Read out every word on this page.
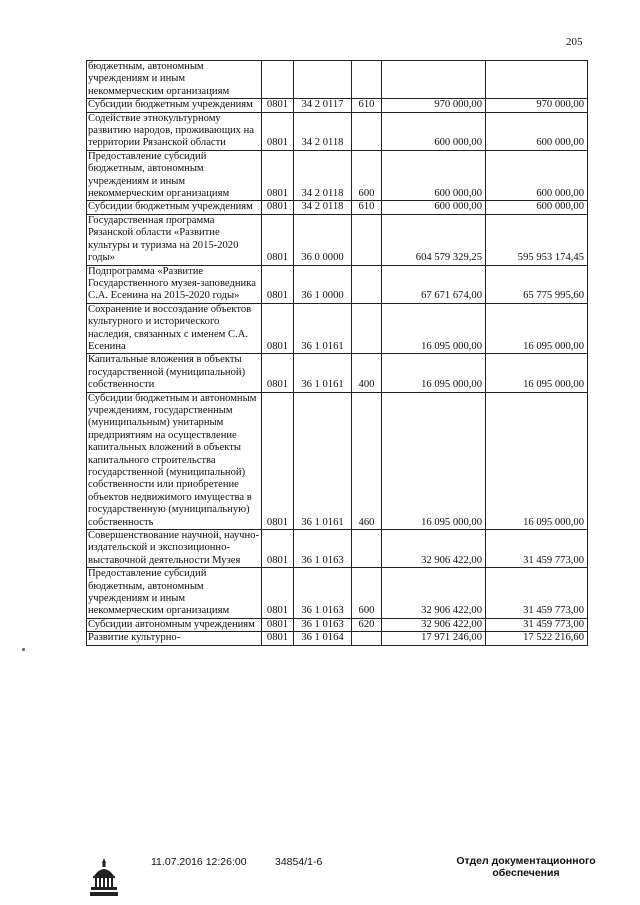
205
бюджетным, автономным учреждениям и иным некоммерческим организациям					
Субсидии бюджетным учреждениям	0801	34 2 0117	610	970 000,00	970 000,00
Содействие этнокультурному развитию народов, проживающих на территории Рязанской области	0801	34 2 0118		600 000,00	600 000,00
Предоставление субсидий бюджетным, автономным учреждениям и иным некоммерческим организациям	0801	34 2 0118	600	600 000,00	600 000,00
Субсидии бюджетным учреждениям	0801	34 2 0118	610	600 000,00	600 000,00
Государственная программа Рязанской области «Развитие культуры и туризма на 2015-2020 годы»	0801	36 0 0000		604 579 329,25	595 953 174,45
Подпрограмма «Развитие Государственного музея-заповедника С.А. Есенина на 2015-2020 годы»	0801	36 1 0000		67 671 674,00	65 775 995,60
Сохранение и воссоздание объектов культурного и исторического наследия, связанных с именем С.А. Есенина	0801	36 1 0161		16 095 000,00	16 095 000,00
Капитальные вложения в объекты государственной (муниципальной) собственности	0801	36 1 0161	400	16 095 000,00	16 095 000,00
Субсидии бюджетным и автономным учреждениям, государственным (муниципальным) унитарным предприятиям на осуществление капитальных вложений в объекты капитального строительства государственной (муниципальной) собственности или приобретение объектов недвижимого имущества в государственную (муниципальную) собственность	0801	36 1 0161	460	16 095 000,00	16 095 000,00
Совершенствование научной, научно-издательской и экспозиционно-выставочной деятельности Музея	0801	36 1 0163		32 906 422,00	31 459 773,00
Предоставление субсидий бюджетным, автономным учреждениям и иным некоммерческим организациям	0801	36 1 0163	600	32 906 422,00	31 459 773,00
Субсидии автономным учреждениям	0801	36 1 0163	620	32 906 422,00	31 459 773,00
Развитие культурно-	0801	36 1 0164		17 971 246,00	17 522 216,60
11.07.2016 12:26:00	34854/1-6	Отдел документационного обеспечения
